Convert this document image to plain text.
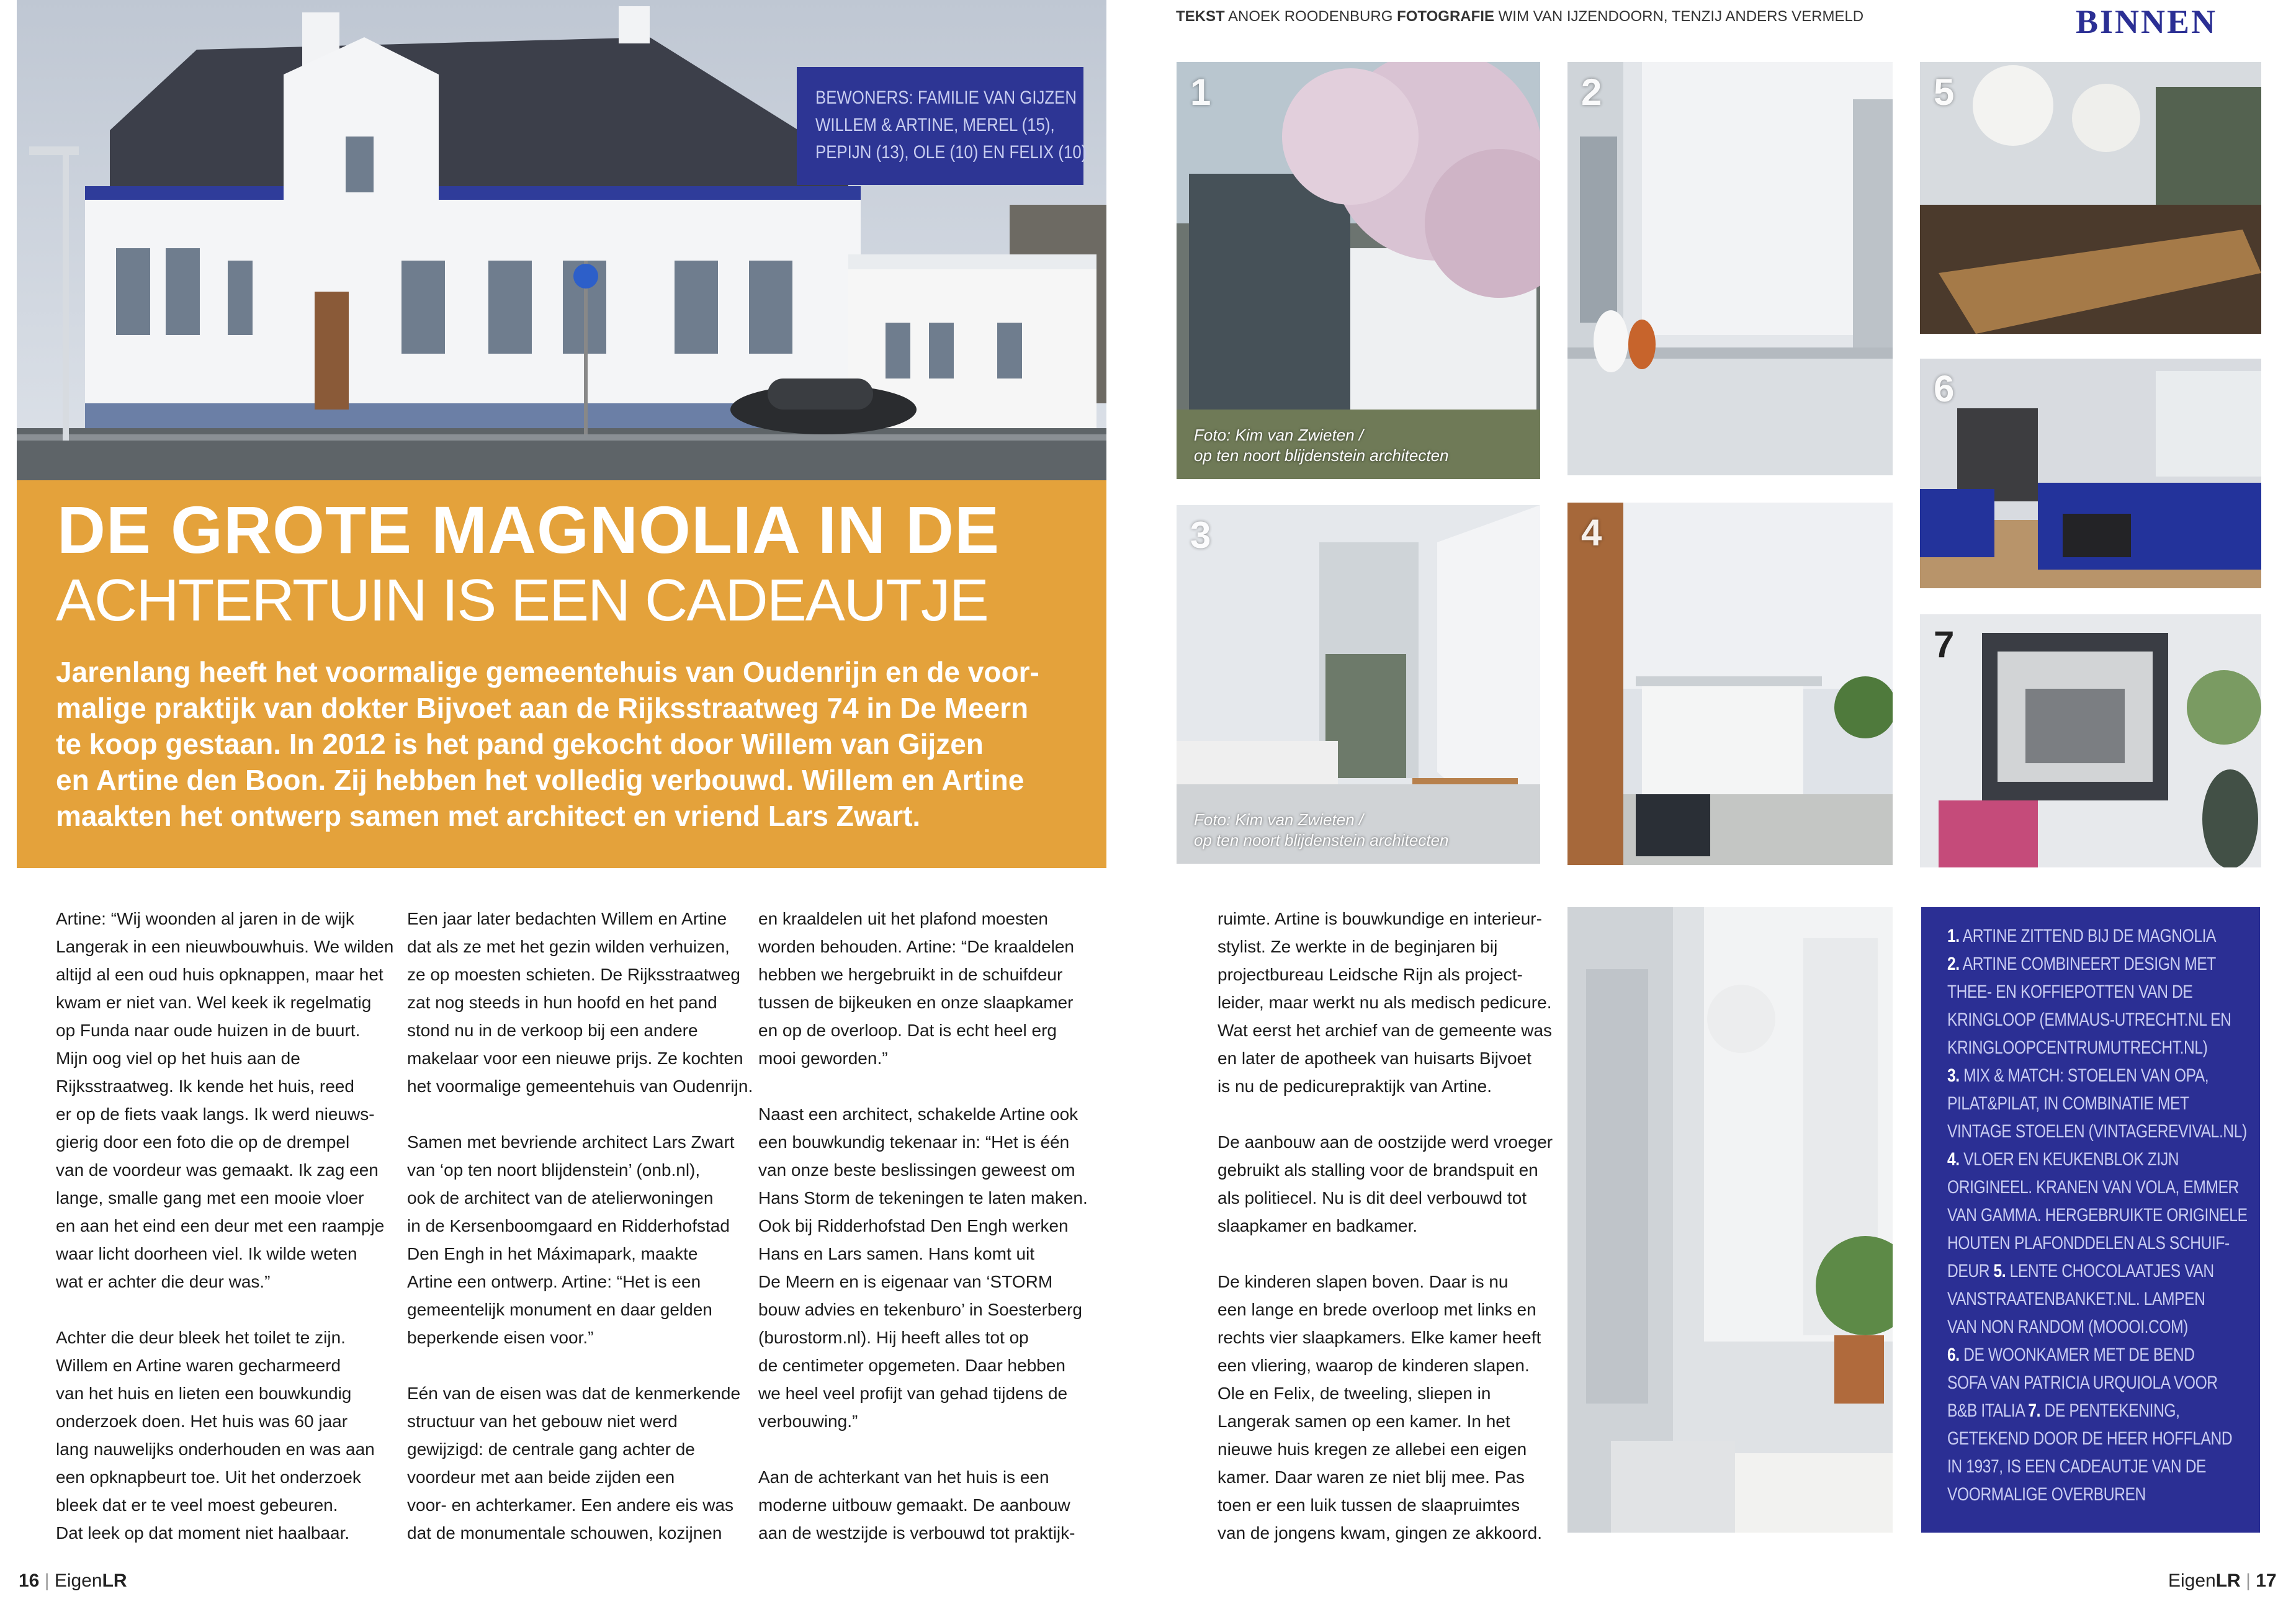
TEKST ANOEK ROODENBURG FOTOGRAFIE WIM VAN IJZENDOORN, TENZIJ ANDERS VERMELD	BINNEN
BEWONERS: FAMILIE VAN GIJZEN
WILLEM & ARTINE, MEREL (15),
PEPIJN (13), OLE (10) EN FELIX (10)
DE GROTE MAGNOLIA IN DE
ACHTERTUIN IS EEN CADEAUTJE
Jarenlang heeft het voormalige gemeentehuis van Oudenrijn en de voor-
malige praktijk van dokter Bijvoet aan de Rijksstraatweg 74 in De Meern
te koop gestaan. In 2012 is het pand gekocht door Willem van Gijzen
en Artine den Boon. Zij hebben het volledig verbouwd. Willem en Artine
maakten het ontwerp samen met architect en vriend Lars Zwart.
1
Foto: Kim van Zwieten /
op ten noort blijdenstein architecten
2	5
6
3
Foto: Kim van Zwieten /
op ten noort blijdenstein architecten
4
7
1. ARTINE ZITTEND BIJ DE MAGNOLIA
2. ARTINE COMBINEERT DESIGN MET
THEE- EN KOFFIEPOTTEN VAN DE
KRINGLOOP (EMMAUS-UTRECHT.NL EN
KRINGLOOPCENTRUMUTRECHT.NL)
3. MIX & MATCH: STOELEN VAN OPA,
PILAT&PILAT, IN COMBINATIE MET
VINTAGE STOELEN (VINTAGEREVIVAL.NL)
4. VLOER EN KEUKENBLOK ZIJN
ORIGINEEL. KRANEN VAN VOLA, EMMER
VAN GAMMA. HERGEBRUIKTE ORIGINELE
HOUTEN PLAFONDDELEN ALS SCHUIF-
DEUR 5. LENTE CHOCOLAATJES VAN
VANSTRAATENBANKET.NL. LAMPEN
VAN NON RANDOM (MOOOI.COM)
6. DE WOONKAMER MET DE BEND
SOFA VAN PATRICIA URQUIOLA VOOR
B&B ITALIA 7. DE PENTEKENING,
GETEKEND DOOR DE HEER HOFFLAND
IN 1937, IS EEN CADEAUTJE VAN DE
VOORMALIGE OVERBUREN
Artine: “Wij woonden al jaren in de wijk
Langerak in een nieuwbouwhuis. We wilden
altijd al een oud huis opknappen, maar het
kwam er niet van. Wel keek ik regelmatig
op Funda naar oude huizen in de buurt.
Mijn oog viel op het huis aan de
Rijksstraatweg. Ik kende het huis, reed
er op de fiets vaak langs. Ik werd nieuws-
gierig door een foto die op de drempel
van de voordeur was gemaakt. Ik zag een
lange, smalle gang met een mooie vloer
en aan het eind een deur met een raampje
waar licht doorheen viel. Ik wilde weten
wat er achter die deur was.”
Achter die deur bleek het toilet te zijn.
Willem en Artine waren gecharmeerd
van het huis en lieten een bouwkundig
onderzoek doen. Het huis was 60 jaar
lang nauwelijks onderhouden en was aan
een opknapbeurt toe. Uit het onderzoek
bleek dat er te veel moest gebeuren.
Dat leek op dat moment niet haalbaar.
Een jaar later bedachten Willem en Artine
dat als ze met het gezin wilden verhuizen,
ze op moesten schieten. De Rijksstraatweg
zat nog steeds in hun hoofd en het pand
stond nu in de verkoop bij een andere
makelaar voor een nieuwe prijs. Ze kochten
het voormalige gemeentehuis van Oudenrijn.
Samen met bevriende architect Lars Zwart
van ‘op ten noort blijdenstein’ (onb.nl),
ook de architect van de atelierwoningen
in de Kersenboomgaard en Ridderhofstad
Den Engh in het Máximapark, maakte
Artine een ontwerp. Artine: “Het is een
gemeentelijk monument en daar gelden
beperkende eisen voor.”
Eén van de eisen was dat de kenmerkende
structuur van het gebouw niet werd
gewijzigd: de centrale gang achter de
voordeur met aan beide zijden een
voor- en achterkamer. Een andere eis was
dat de monumentale schouwen, kozijnen
en kraaldelen uit het plafond moesten
worden behouden. Artine: “De kraaldelen
hebben we hergebruikt in de schuifdeur
tussen de bijkeuken en onze slaapkamer
en op de overloop. Dat is echt heel erg
mooi geworden.”
Naast een architect, schakelde Artine ook
een bouwkundig tekenaar in: “Het is één
van onze beste beslissingen geweest om
Hans Storm de tekeningen te laten maken.
Ook bij Ridderhofstad Den Engh werken
Hans en Lars samen. Hans komt uit
De Meern en is eigenaar van ‘STORM
bouw advies en tekenburo’ in Soesterberg
(burostorm.nl). Hij heeft alles tot op
de centimeter opgemeten. Daar hebben
we heel veel profijt van gehad tijdens de
verbouwing.”
Aan de achterkant van het huis is een
moderne uitbouw gemaakt. De aanbouw
aan de westzijde is verbouwd tot praktijk-
ruimte. Artine is bouwkundige en interieur-
stylist. Ze werkte in de beginjaren bij
projectbureau Leidsche Rijn als project-
leider, maar werkt nu als medisch pedicure.
Wat eerst het archief van de gemeente was
en later de apotheek van huisarts Bijvoet
is nu de pedicurepraktijk van Artine.
De aanbouw aan de oostzijde werd vroeger
gebruikt als stalling voor de brandspuit en
als politiecel. Nu is dit deel verbouwd tot
slaapkamer en badkamer.
De kinderen slapen boven. Daar is nu
een lange en brede overloop met links en
rechts vier slaapkamers. Elke kamer heeft
een vliering, waarop de kinderen slapen.
Ole en Felix, de tweeling, sliepen in
Langerak samen op een kamer. In het
nieuwe huis kregen ze allebei een eigen
kamer. Daar waren ze niet blij mee. Pas
toen er een luik tussen de slaapruimtes
van de jongens kwam, gingen ze akkoord.
16 | EigenLR	EigenLR | 17
